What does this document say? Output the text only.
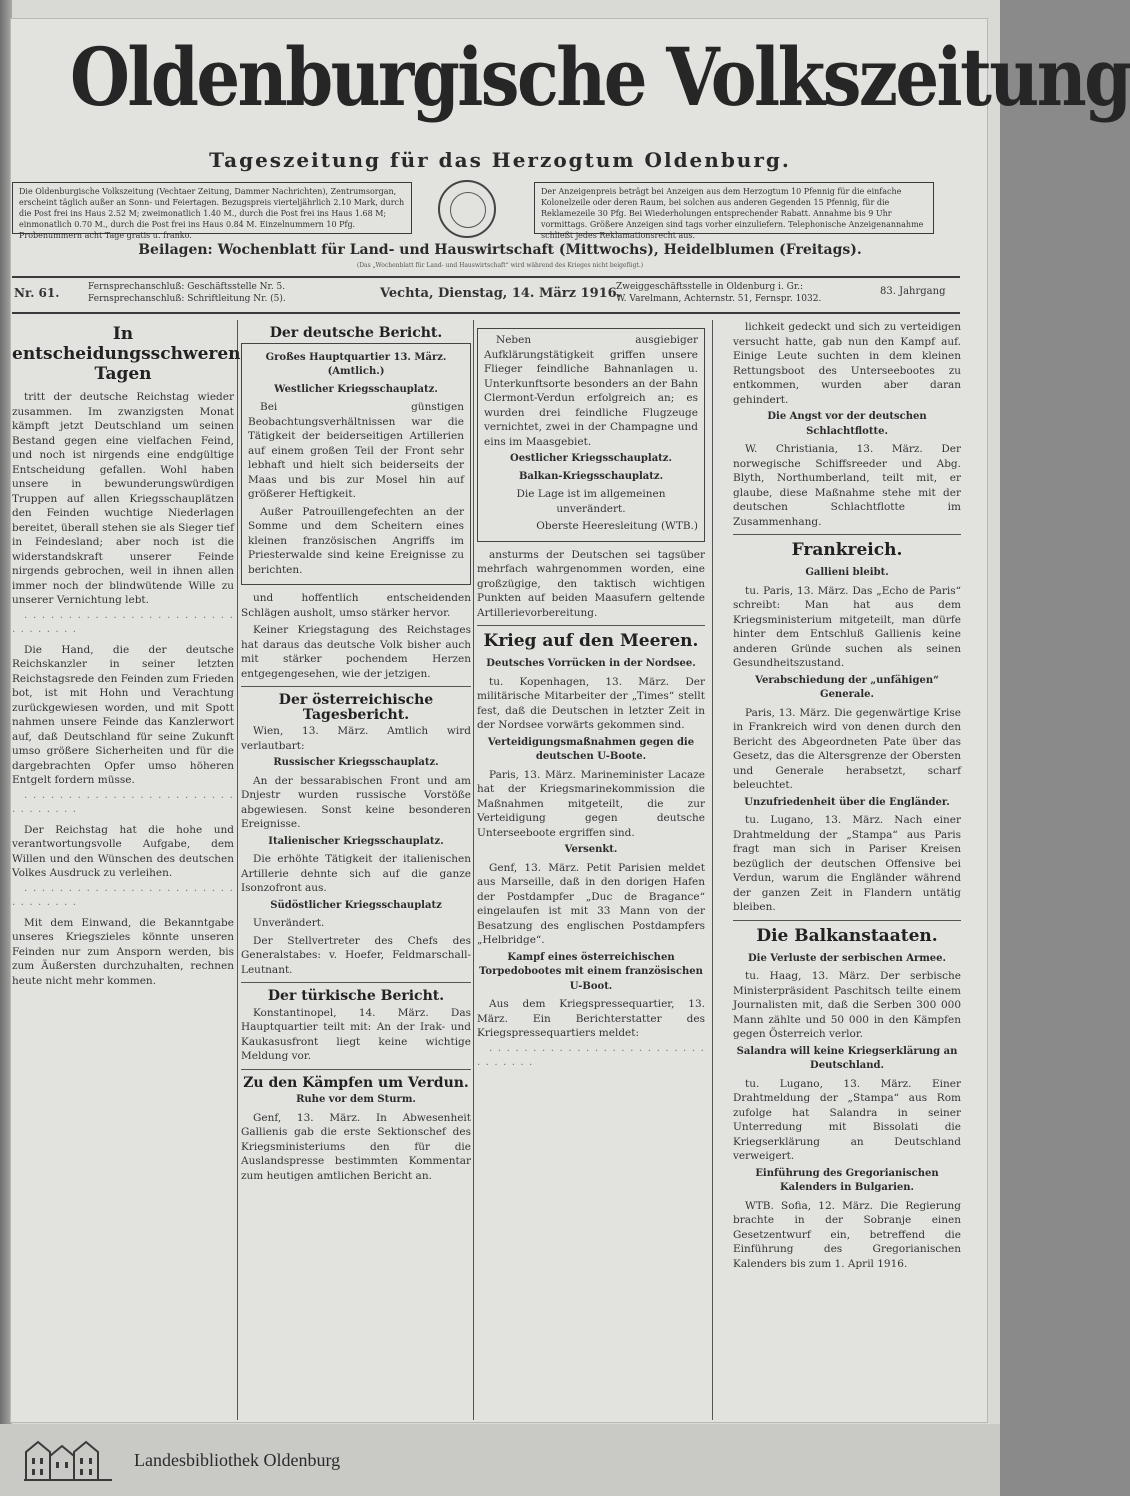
Oldenburgische Volkszeitung
Tageszeitung für das Herzogtum Oldenburg.
Die Oldenburgische Volkszeitung (Vechtaer Zeitung, Dammer Nachrichten), Zentrumsorgan, erscheint täglich außer an Sonn- und Feiertagen. Bezugspreis vierteljährlich 2.10 Mark, durch die Post frei ins Haus 2.52 M; zweimonatlich 1.40 M., durch die Post frei ins Haus 1.68 M; einmonatlich 0.70 M., durch die Post frei ins Haus 0.84 M. Einzelnummern 10 Pfg. Probenummern acht Tage gratis u. franko.
Der Anzeigenpreis beträgt bei Anzeigen aus dem Herzogtum 10 Pfennig für die einfache Kolonelzeile oder deren Raum, bei solchen aus anderen Gegenden 15 Pfennig, für die Reklamezeile 30 Pfg. Bei Wiederholungen entsprechender Rabatt. Annahme bis 9 Uhr vormittags. Größere Anzeigen sind tags vorher einzuliefern. Telephonische Anzeigenannahme schließt jedes Reklamationsrecht aus.
Beilagen: Wochenblatt für Land- und Hauswirtschaft (Mittwochs), Heidelblumen (Freitags).
(Das „Wochenblatt für Land- und Hauswirtschaft“ wird während des Krieges nicht beigefügt.)
Nr. 61.	Fernsprechanschluß: Geschäftsstelle Nr. 5.
Fernsprechanschluß: Schriftleitung Nr. (5).	Vechta, Dienstag, 14. März 1916.
Zweiggeschäftsstelle in Oldenburg i. Gr.:
W. Varelmann, Achternstr. 51, Fernspr. 1032.
83. Jahrgang
In entscheidungsschweren Tagen

tritt der deutsche Reichstag wieder zusammen. Im zwanzigsten Monat kämpft jetzt Deutschland um seinen Bestand gegen eine vielfachen Feind, und noch ist nirgends eine endgültige Entscheidung gefallen. Wohl haben unsere in bewunderungswürdigen Truppen auf allen Kriegsschauplätzen den Feinden wuchtige Niederlagen bereitet, überall stehen sie als Sieger tief in Feindesland; aber noch ist die widerstandskraft unserer Feinde nirgends gebrochen, weil in ihnen allen immer noch der blindwütende Wille zu unserer Vernichtung lebt.

· · · · · · · · · · · · · · · · · · · · · · · · · · · · · · · ·

Die Hand, die der deutsche Reichskanzler in seiner letzten Reichstagsrede den Feinden zum Frieden bot, ist mit Hohn und Verachtung zurückgewiesen worden, und mit Spott nahmen unsere Feinde das Kanzlerwort auf, daß Deutschland für seine Zukunft umso größere Sicherheiten und für die dargebrachten Opfer umso höheren Entgelt fordern müsse.

· · · · · · · · · · · · · · · · · · · · · · · · · · · · · · · ·

Der Reichstag hat die hohe und verantwortungsvolle Aufgabe, dem Willen und den Wünschen des deutschen Volkes Ausdruck zu verleihen.

· · · · · · · · · · · · · · · · · · · · · · · · · · · · · · · ·

Mit dem Einwand, die Bekanntgabe unseres Kriegszieles könnte unseren Feinden nur zum Ansporn werden, bis zum Äußersten durchzuhalten, rechnen heute nicht mehr kommen.

Der deutsche Bericht.
Großes Hauptquartier 13. März. (Amtlich.)
Westlicher Kriegsschauplatz.

Bei günstigen Beobachtungsverhältnissen war die Tätigkeit der beiderseitigen Artillerien auf einem großen Teil der Front sehr lebhaft und hielt sich beiderseits der Maas und bis zur Mosel hin auf größerer Heftigkeit.

Außer Patrouillengefechten an der Somme und dem Scheitern eines kleinen französischen Angriffs im Priesterwalde sind keine Ereignisse zu berichten.

und hoffentlich entscheidenden Schlägen ausholt, umso stärker hervor.

Keiner Kriegstagung des Reichstages hat daraus das deutsche Volk bisher auch mit stärker pochendem Herzen entgegengesehen, wie der jetzigen.

Der österreichische Tagesbericht.

Wien, 13. März. Amtlich wird verlautbart:

Russischer Kriegsschauplatz.

An der bessarabischen Front und am Dnjestr wurden russische Vorstöße abgewiesen. Sonst keine besonderen Ereignisse.

Italienischer Kriegsschauplatz.

Die erhöhte Tätigkeit der italienischen Artillerie dehnte sich auf die ganze Isonzofront aus.

Südöstlicher Kriegsschauplatz

Unverändert.

Der Stellvertreter des Chefs des Generalstabes: v. Hoefer, Feldmarschall-Leutnant.

Der türkische Bericht.

Konstantinopel, 14. März. Das Hauptquartier teilt mit: An der Irak- und Kaukasusfront liegt keine wichtige Meldung vor.

Zu den Kämpfen um Verdun.
Ruhe vor dem Sturm.

Genf, 13. März. In Abwesenheit Gallienis gab die erste Sektionschef des Kriegsministeriums den für die Auslandspresse bestimmten Kommentar zum heutigen amtlichen Bericht an.

Neben ausgiebiger Aufklärungstätigkeit griffen unsere Flieger feindliche Bahnanlagen u. Unterkunftsorte besonders an der Bahn Clermont-Verdun erfolgreich an; es wurden drei feindliche Flugzeuge vernichtet, zwei in der Champagne und eins im Maasgebiet.

Oestlicher Kriegsschauplatz.
Balkan-Kriegsschauplatz.

Die Lage ist im allgemeinen unverändert.

Oberste Heeresleitung (WTB.)

ansturms der Deutschen sei tagsüber mehrfach wahrgenommen worden, eine großzügige, den taktisch wichtigen Punkten auf beiden Maasufern geltende Artillerievorbereitung.

Krieg auf den Meeren.
Deutsches Vorrücken in der Nordsee.

tu. Kopenhagen, 13. März. Der militärische Mitarbeiter der „Times“ stellt fest, daß die Deutschen in letzter Zeit in der Nordsee vorwärts gekommen sind.

Verteidigungsmaßnahmen gegen die deutschen U-Boote.

Paris, 13. März. Marineminister Lacaze hat der Kriegsmarinekommission die Maßnahmen mitgeteilt, die zur Verteidigung gegen deutsche Unterseeboote ergriffen sind.

Versenkt.

Genf, 13. März. Petit Parisien meldet aus Marseille, daß in den dorigen Hafen der Postdampfer „Duc de Bragance“ eingelaufen ist mit 33 Mann von der Besatzung des englischen Postdampfers „Helbridge“.

Kampf eines österreichischen Torpedobootes mit einem französischen U-Boot.

Aus dem Kriegspressequartier, 13. März. Ein Berichterstatter des Kriegspressequartiers meldet:

· · · · · · · · · · · · · · · · · · · · · · · · · · · · · · · ·

lichkeit gedeckt und sich zu verteidigen versucht hatte, gab nun den Kampf auf. Einige Leute suchten in dem kleinen Rettungsboot des Unterseebootes zu entkommen, wurden aber daran gehindert.

Die Angst vor der deutschen Schlachtflotte.

W. Christiania, 13. März. Der norwegische Schiffsreeder und Abg. Blyth, Northumberland, teilt mit, er glaube, diese Maßnahme stehe mit der deutschen Schlachtflotte im Zusammenhang.

Frankreich.
Gallieni bleibt.

tu. Paris, 13. März. Das „Echo de Paris“ schreibt: Man hat aus dem Kriegsministerium mitgeteilt, man dürfe hinter dem Entschluß Gallienis keine anderen Gründe suchen als seinen Gesundheitszustand.

Verabschiedung der „unfähigen“ Generale.

Paris, 13. März. Die gegenwärtige Krise in Frankreich wird von denen durch den Bericht des Abgeordneten Pate über das Gesetz, das die Altersgrenze der Obersten und Generale herabsetzt, scharf beleuchtet.

Unzufriedenheit über die Engländer.

tu. Lugano, 13. März. Nach einer Drahtmeldung der „Stampa“ aus Paris fragt man sich in Pariser Kreisen bezüglich der deutschen Offensive bei Verdun, warum die Engländer während der ganzen Zeit in Flandern untätig bleiben.

Die Balkanstaaten.
Die Verluste der serbischen Armee.

tu. Haag, 13. März. Der serbische Ministerpräsident Paschitsch teilte einem Journalisten mit, daß die Serben 300 000 Mann zählte und 50 000 in den Kämpfen gegen Österreich verlor.

Salandra will keine Kriegserklärung an Deutschland.

tu. Lugano, 13. März. Einer Drahtmeldung der „Stampa“ aus Rom zufolge hat Salandra in seiner Unterredung mit Bissolati die Kriegserklärung an Deutschland verweigert.

Einführung des Gregorianischen Kalenders in Bulgarien.

WTB. Sofia, 12. März. Die Regierung brachte in der Sobranje einen Gesetzentwurf ein, betreffend die Einführung des Gregorianischen Kalenders bis zum 1. April 1916.

Landesbibliothek Oldenburg
